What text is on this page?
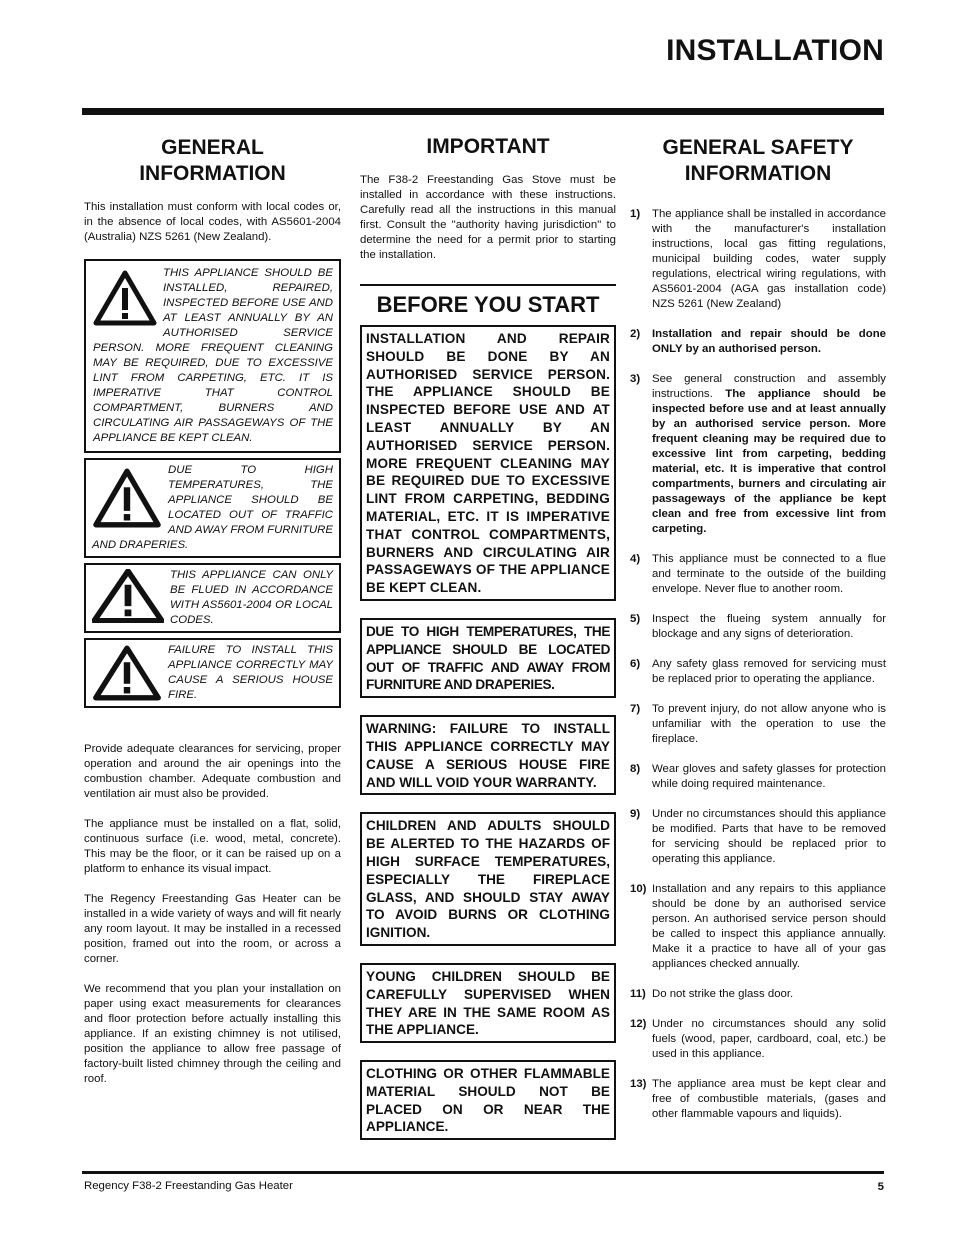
INSTALLATION
GENERAL
INFORMATION

This installation must conform with local codes or, in the absence of local codes, with AS5601-2004 (Australia) NZS 5261 (New Zealand).

THIS APPLIANCE SHOULD BE INSTALLED, REPAIRED, INSPECTED BEFORE USE AND AT LEAST ANNUALLY BY AN AUTHORISED SERVICE PERSON. MORE FREQUENT CLEANING MAY BE REQUIRED, DUE TO EXCESSIVE LINT FROM CARPETING, ETC. IT IS IMPERATIVE THAT CONTROL COMPARTMENT, BURNERS AND CIRCULATING AIR PASSAGEWAYS OF THE APPLIANCE BE KEPT CLEAN.
DUE TO HIGH TEMPERATURES, THE APPLIANCE SHOULD BE LOCATED OUT OF TRAFFIC AND AWAY FROM FURNITURE AND DRAPERIES.
THIS APPLIANCE CAN ONLY BE FLUED IN ACCORDANCE WITH AS5601-2004 OR LOCAL CODES.
FAILURE TO INSTALL THIS APPLIANCE CORRECTLY MAY CAUSE A SERIOUS HOUSE FIRE.

Provide adequate clearances for servicing, proper operation and around the air openings into the combustion chamber. Adequate combustion and ventilation air must also be provided.

The appliance must be installed on a flat, solid, continuous surface (i.e. wood, metal, concrete). This may be the floor, or it can be raised up on a platform to enhance its visual impact.

The Regency Freestanding Gas Heater can be installed in a wide variety of ways and will fit nearly any room layout. It may be installed in a recessed position, framed out into the room, or across a corner.

We recommend that you plan your installation on paper using exact measurements for clearances and floor protection before actually installing this appliance. If an existing chimney is not utilised, position the appliance to allow free passage of factory-built listed chimney through the ceiling and roof.

IMPORTANT

The F38-2 Freestanding Gas Stove must be installed in accordance with these instructions. Carefully read all the instructions in this manual first. Consult the "authority having jurisdiction" to determine the need for a permit prior to starting the installation.

BEFORE YOU START
INSTALLATION AND REPAIR SHOULD BE DONE BY AN AUTHORISED SERVICE PERSON. THE APPLIANCE SHOULD BE INSPECTED BEFORE USE AND AT LEAST ANNUALLY BY AN AUTHORISED SERVICE PERSON. MORE FREQUENT CLEANING MAY BE REQUIRED DUE TO EXCESSIVE LINT FROM CARPETING, BEDDING MATERIAL, ETC. IT IS IMPERATIVE THAT CONTROL COMPARTMENTS, BURNERS AND CIRCULATING AIR PASSAGEWAYS OF THE APPLIANCE BE KEPT CLEAN.
DUE TO HIGH TEMPERATURES, THE APPLIANCE SHOULD BE LOCATED OUT OF TRAFFIC AND AWAY FROM FURNITURE AND DRAPERIES.
WARNING: FAILURE TO INSTALL THIS APPLIANCE CORRECTLY MAY CAUSE A SERIOUS HOUSE FIRE AND WILL VOID YOUR WARRANTY.
CHILDREN AND ADULTS SHOULD BE ALERTED TO THE HAZARDS OF HIGH SURFACE TEMPERATURES, ESPECIALLY THE FIREPLACE GLASS, AND SHOULD STAY AWAY TO AVOID BURNS OR CLOTHING IGNITION.
YOUNG CHILDREN SHOULD BE CAREFULLY SUPERVISED WHEN THEY ARE IN THE SAME ROOM AS THE APPLIANCE.
CLOTHING OR OTHER FLAMMABLE MATERIAL SHOULD NOT BE PLACED ON OR NEAR THE APPLIANCE.
GENERAL SAFETY
INFORMATION
1)	The appliance shall be installed in accordance with the manufacturer's installation instructions, local gas fitting regulations, municipal building codes, water supply regulations, electrical wiring regulations, with AS5601-2004 (AGA gas installation code) NZS 5261 (New Zealand)
2)	Installation and repair should be done ONLY by an authorised person.
3)	See general construction and assembly instructions. The appliance should be inspected before use and at least annually by an authorised service person. More frequent cleaning may be required due to excessive lint from carpeting, bedding material, etc. It is imperative that control compartments, burners and circulating air passageways of the appliance be kept clean and free from excessive lint from carpeting.
4)	This appliance must be connected to a flue and terminate to the outside of the building envelope. Never flue to another room.
5)	Inspect the flueing system annually for blockage and any signs of deterioration.
6)	Any safety glass removed for servicing must be replaced prior to operating the appliance.
7)	To prevent injury, do not allow anyone who is unfamiliar with the operation to use the fireplace.
8)	Wear gloves and safety glasses for protection while doing required maintenance.
9)	Under no circumstances should this appliance be modified. Parts that have to be removed for servicing should be replaced prior to operating this appliance.
10) Installation and any repairs to this appliance should be done by an authorised service person. An authorised service person should be called to inspect this appliance annually. Make it a practice to have all of your gas appliances checked annually.
11) Do not strike the glass door.
12) Under no circumstances should any solid fuels (wood, paper, cardboard, coal, etc.) be used in this appliance.
13) The appliance area must be kept clear and free of combustible materials, (gases and other flammable vapours and liquids).
Regency F38-2 Freestanding Gas Heater	5
